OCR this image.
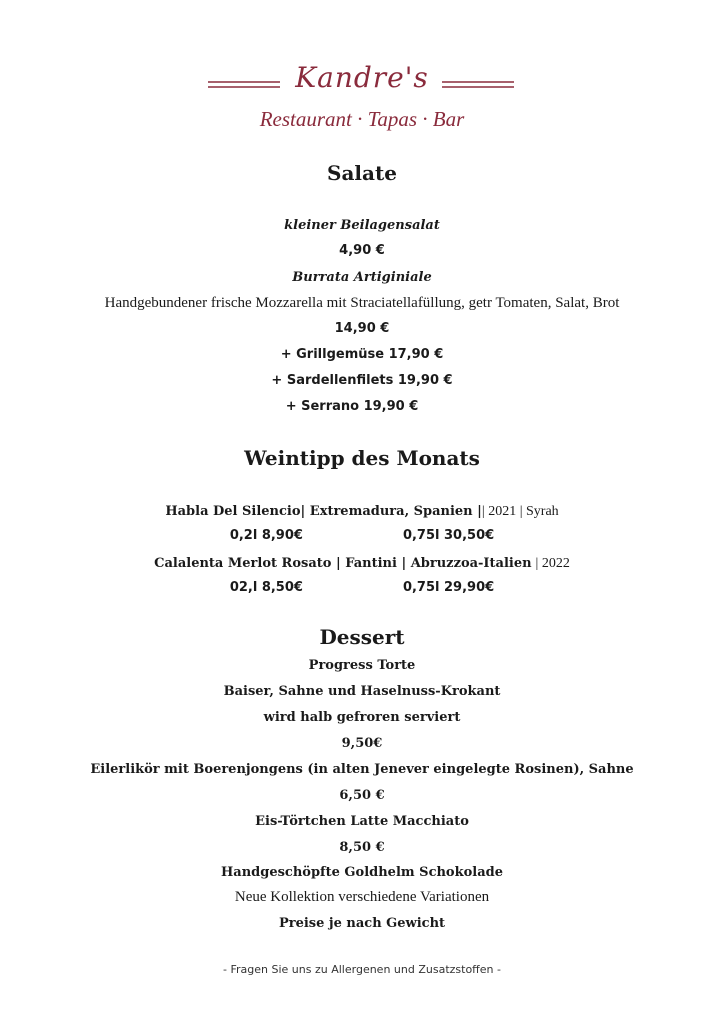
Kandre's
Restaurant · Tapas · Bar
Salate
kleiner Beilagensalat
4,90 €
Burrata Artiginiale
Handgebundener frische Mozzarella mit Straciatellafüllung, getr Tomaten, Salat, Brot
14,90 €
+ Grillgemüse 17,90 €
+ Sardellenfilets 19,90 €
+ Serrano 19,90 €
Weintipp des Monats
Habla Del Silencio| Extremadura, Spanien || 2021 | Syrah
0,2l 8,90€	0,75l 30,50€
Calalenta Merlot Rosato | Fantini | Abruzzoa-Italien | 2022
02,l 8,50€	0,75l 29,90€
Dessert
Progress Torte
Baiser, Sahne und Haselnuss-Krokant
wird halb gefroren serviert
9,50€
Eilerlikör mit Boerenjongens (in alten Jenever eingelegte Rosinen), Sahne
6,50 €
Eis-Törtchen Latte Macchiato
8,50 €
Handgeschöpfte Goldhelm Schokolade
Neue Kollektion verschiedene Variationen
Preise je nach Gewicht
- Fragen Sie uns zu Allergenen und Zusatzstoffen -
